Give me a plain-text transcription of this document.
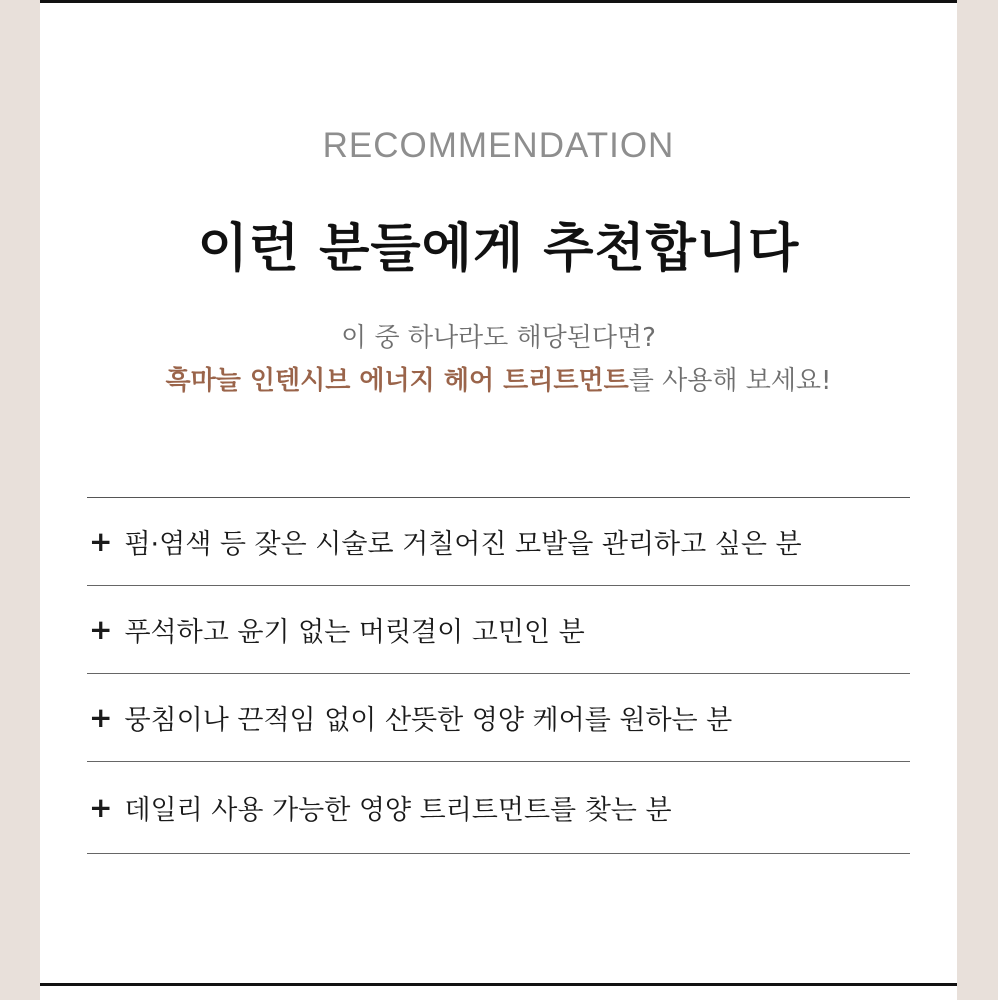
RECOMMENDATION
이런 분들에게 추천합니다
이 중 하나라도 해당된다면?
흑마늘 인텐시브 에너지 헤어 트리트먼트를 사용해 보세요!
+ 펌·염색 등 잦은 시술로 거칠어진 모발을 관리하고 싶은 분
+ 푸석하고 윤기 없는 머릿결이 고민인 분
+ 뭉침이나 끈적임 없이 산뜻한 영양 케어를 원하는 분
+ 데일리 사용 가능한 영양 트리트먼트를 찾는 분
